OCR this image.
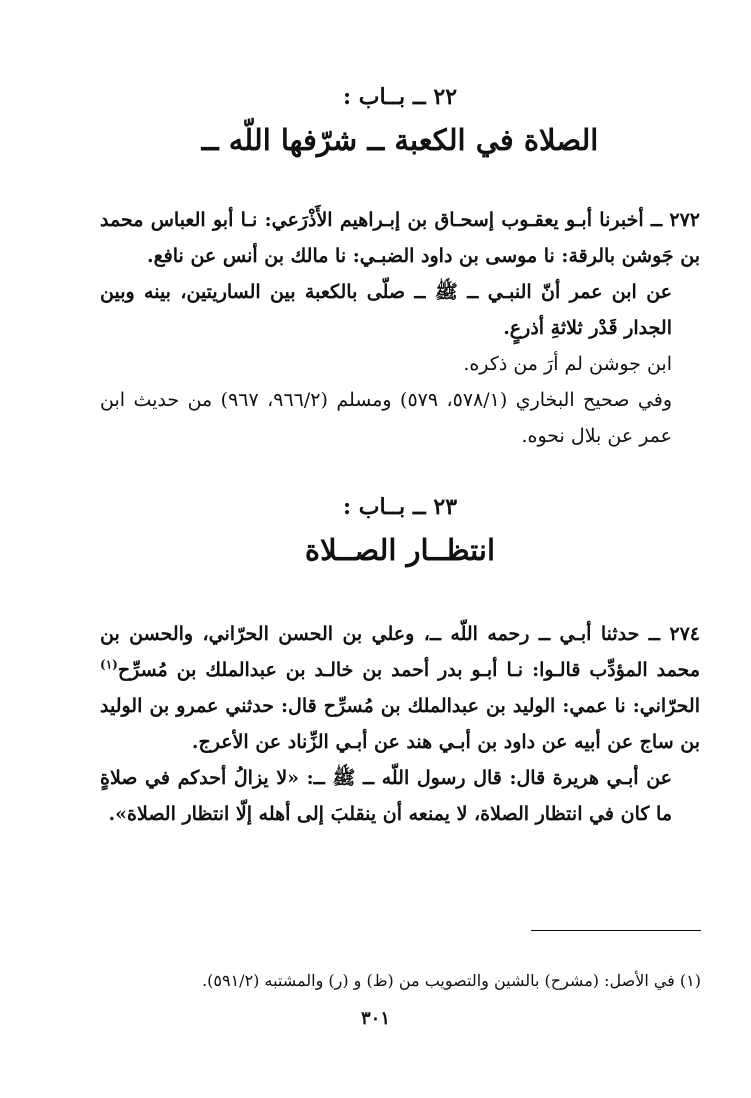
٢٢ ــ بــاب :

الصلاة في الكعبة ــ شرّفها اللّه ــ

٢٧٢ ــ أخبرنا أبـو يعقـوب إسحـاق بن إبـراهيم الأَذْرَعي: نـا أبو العباس محمد بن جَوشن بالرقة: نا موسى بن داود الضبـي: نا مالك بن أنس عن نافع.

عن ابن عمر أنّ النبـي ــ ﷺ ــ صلّى بالكعبة بين الساريتين، بينه وبين الجدار قَدْر ثلاثةِ أذرعٍ.

ابن جوشن لم أرَ من ذكره.

وفي صحيح البخاري (٥٧٨/١، ٥٧٩) ومسلم (٩٦٦/٢، ٩٦٧) من حديث ابن عمر عن بلال نحوه.

٢٣ ــ بــاب :

انتظــار الصــلاة

٢٧٤ ــ حدثنا أبـي ــ رحمه اللّه ــ، وعلي بن الحسن الحرّاني، والحسن بن محمد المؤدِّب قالـوا: نـا أبـو بدر أحمد بن خالـد بن عبدالملك بن مُسرِّح$^{(١)}$ الحرّاني: نا عمي: الوليد بن عبدالملك بن مُسرِّح قال: حدثني عمرو بن الوليد بن ساج عن أبيه عن داود بن أبـي هند عن أبـي الزِّناد عن الأعرج.

عن أبـي هريرة قال: قال رسول اللّه ــ ﷺ ــ: «لا يزالُ أحدكم في صلاةٍ ما كان في انتظار الصلاة، لا يمنعه أن ينقلبَ إلى أهله إلّا انتظار الصلاة».

(١) في الأصل: (مشرح) بالشين والتصويب من (ظ) و (ر) والمشتبه (٥٩١/٢).

٣٠١
